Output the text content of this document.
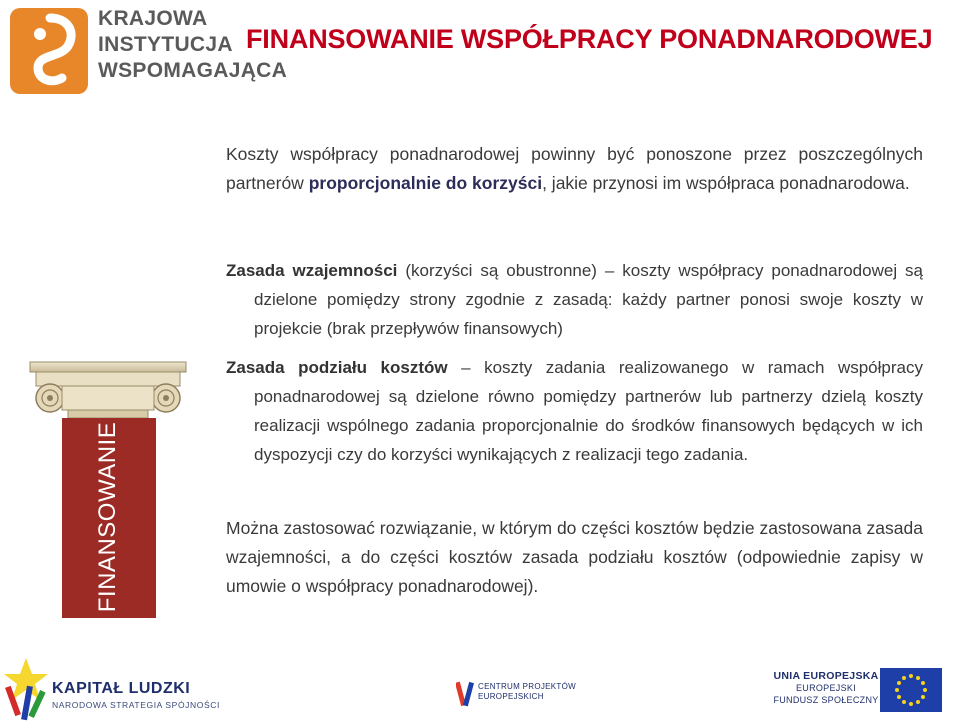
KRAJOWA
INSTYTUCJA
WSPOMAGAJĄCA
FINANSOWANIE WSPÓŁPRACY PONADNARODOWEJ
FINANSOWANIE

Koszty współpracy ponadnarodowej powinny być ponoszone przez poszczególnych partnerów proporcjonalnie do korzyści, jakie przynosi im współpraca ponadnarodowa.

Zasada wzajemności (korzyści są obustronne) – koszty współpracy ponadnarodowej są dzielone pomiędzy strony zgodnie z zasadą: każdy partner ponosi swoje koszty w projekcie (brak przepływów finansowych)

Zasada podziału kosztów – koszty zadania realizowanego w ramach współpracy ponadnarodowej są dzielone równo pomiędzy partnerów lub partnerzy dzielą koszty realizacji wspólnego zadania proporcjonalnie do środków finansowych będących w ich dyspozycji czy do korzyści wynikających z realizacji tego zadania.

Można zastosować rozwiązanie, w którym do części kosztów będzie zastosowana zasada wzajemności, a do części kosztów zasada podziału kosztów (odpowiednie zapisy w umowie o współpracy ponadnarodowej).

KAPITAŁ LUDZKI
NARODOWA STRATEGIA SPÓJNOŚCI
CENTRUM PROJEKTÓW
EUROPEJSKICH
UNIA EUROPEJSKA
EUROPEJSKI
FUNDUSZ SPOŁECZNY
